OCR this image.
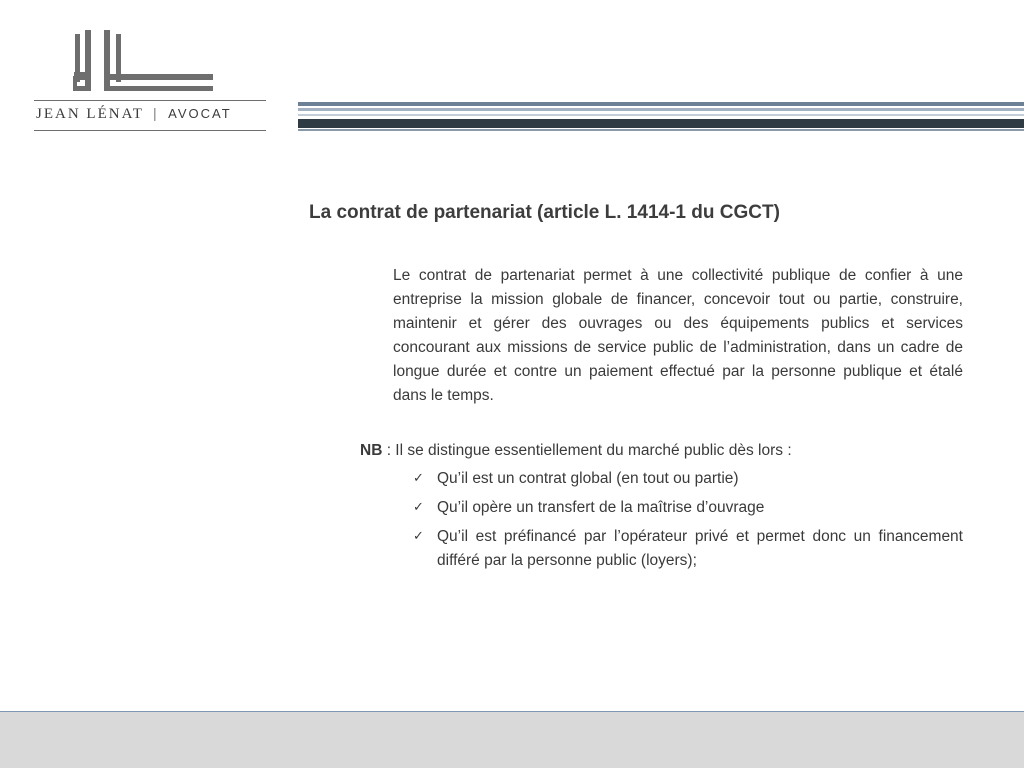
JEAN LÉNAT | AVOCAT
La contrat de partenariat (article L. 1414-1 du CGCT)
Le contrat de partenariat permet à une collectivité publique de confier à une entreprise la mission globale de financer, concevoir tout ou partie, construire, maintenir et gérer des ouvrages ou des équipements publics et services concourant aux missions de service public de l’administration, dans un cadre de longue durée et contre un paiement effectué par la personne publique et étalé dans le temps.
NB : Il se distingue essentiellement du marché public dès lors :
✓ Qu’il est un contrat global (en tout ou partie)
✓ Qu’il opère un transfert de la maîtrise d’ouvrage
✓ Qu’il est préfinancé par l’opérateur privé et permet donc un financement différé par la personne public (loyers);
